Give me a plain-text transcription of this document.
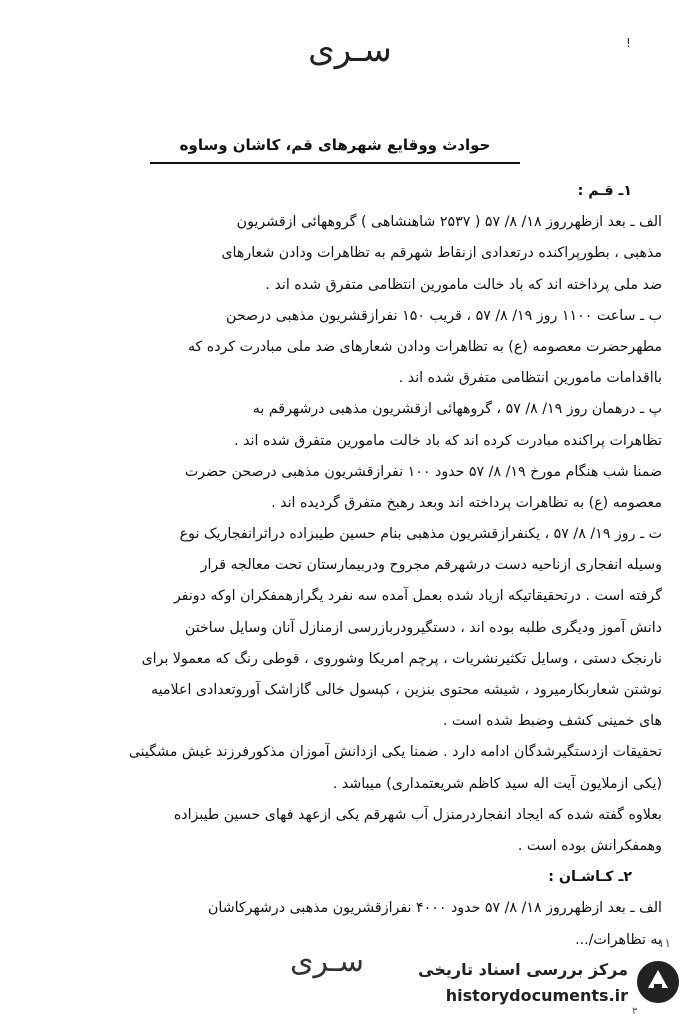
سـری	!
حوادث ووقایع شهرهای قم، کاشان وساوه
۱ـ قـم :
الف ـ بعد ازظهرروز ۱۸/ ۸/ ۵۷ ( ۲۵۳۷ شاهنشاهی ) گروههائی ازقشریون
مذهبی ، بطورپراکنده درتعدادی ازنقاط شهرقم به تظاهرات ودادن شعارهای
ضد ملی پرداخته اند که باد خالت مامورین انتظامی متفرق شده اند .
ب ـ ساعت ۱۱۰۰ روز ۱۹/ ۸/ ۵۷ ، قریب ۱۵۰ نفرازقشریون مذهبی درصحن
مطهرحضرت معصومه (ع) به تظاهرات ودادن شعارهای ضد ملی مبادرت کرده که
بااقدامات مامورین انتظامی متفرق شده اند .
پ ـ درهمان روز ۱۹/ ۸/ ۵۷ ، گروههائی ازقشریون مذهبی درشهرقم به
تظاهرات پراکنده مبادرت کرده اند که باد خالت مامورین متفرق شده اند .
ضمنا شب هنگام مورخ ۱۹/ ۸/ ۵۷ حدود ۱۰۰ نفرازقشریون مذهبی درصحن حضرت
معصومه (ع) به تظاهرات پرداخته اند وبعد رهبخ متفرق گردیده اند .
ت ـ روز ۱۹/ ۸/ ۵۷ ، یکنفرازقشریون مذهبی بنام حسین طیبزاده دراثرانفجاریک نوع
وسیله انفجاری ازناحیه دست درشهرقم مجروح ودربیمارستان تحت معالجه قرار
گرفته است . درتحقیقاتیکه ازیاد شده بعمل آمده سه نفرد یگرازهمفکران اوکه دونفر
دانش آموز ودیگری طلبه بوده اند ، دستگیرودربازرسی ازمنازل آنان وسایل ساختن
نارنجک دستی ، وسایل تکثیرنشریات ، پرچم امریکا وشوروی ، قوطی رنگ که معمولا برای
نوشتن شعاربکارمیرود ، شیشه محتوی بنزین ، کپسول خالی گازاشک آوروتعدادی اعلامیه
های خمینی کشف وضبط شده است .
تحقیقات ازدستگیرشدگان ادامه دارد . ضمنا یکی ازدانش آموزان مذکورفرزند غیش مشگینی
(یکی ازملایون آیت اله سید کاظم شریعتمداری) میباشد .
بعلاوه گفته شده که ایجاد انفجاردرمنزل آب شهرقم یکی ازعهد فهای حسین طیبزاده
وهمفکرانش بوده است .
۲ـ کـاشـان :
الف ـ بعد ازظهرروز ۱۸/ ۸/ ۵۷ حدود ۴۰۰۰ نفرازقشریون مذهبی درشهرکاشان
به تظاهرات/...
سـری
۱۱
۳
مرکز بررسی اسناد تاریخی
historydocuments.ir
